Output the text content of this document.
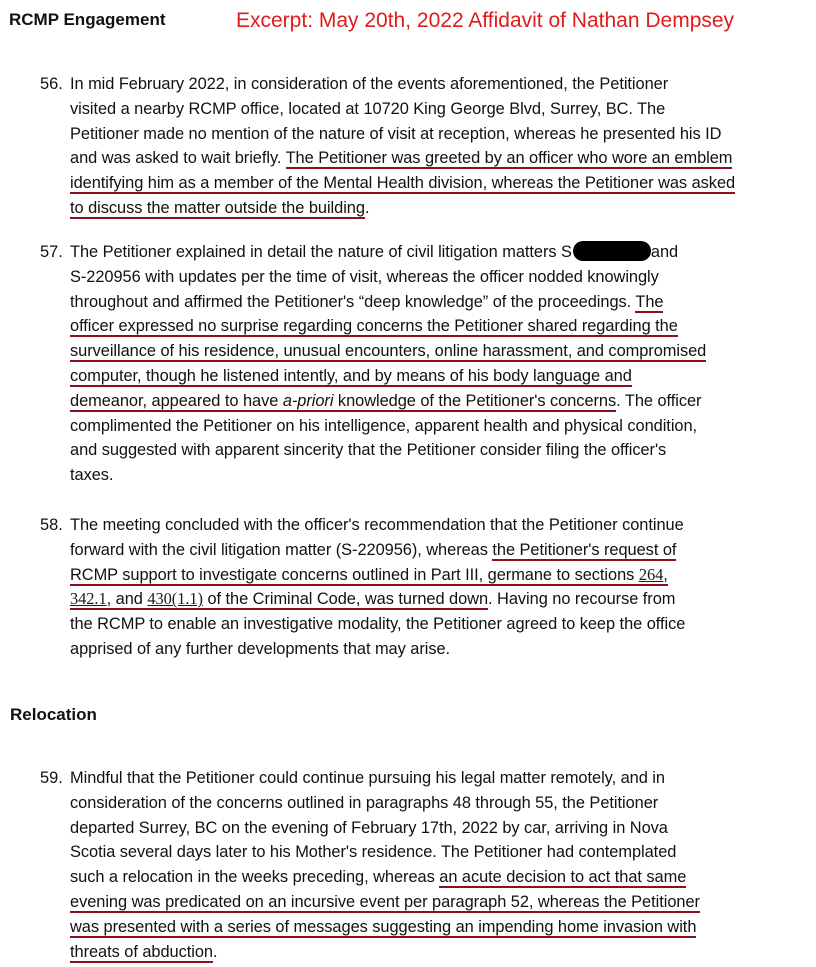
RCMP Engagement	Excerpt: May 20th, 2022 Affidavit of Nathan Dempsey
56. In mid February 2022, in consideration of the events aforementioned, the Petitioner
visited a nearby RCMP office, located at 10720 King George Blvd, Surrey, BC. The
Petitioner made no mention of the nature of visit at reception, whereas he presented his ID
and was asked to wait briefly. The Petitioner was greeted by an officer who wore an emblem
identifying him as a member of the Mental Health division, whereas the Petitioner was asked
to discuss the matter outside the building.
57. The Petitioner explained in detail the nature of civil litigation matters S	and
S-220956 with updates per the time of visit, whereas the officer nodded knowingly
throughout and affirmed the Petitioner's “deep knowledge” of the proceedings. The
officer expressed no surprise regarding concerns the Petitioner shared regarding the
surveillance of his residence, unusual encounters, online harassment, and compromised
computer, though he listened intently, and by means of his body language and
demeanor, appeared to have a-priori knowledge of the Petitioner's concerns. The officer
complimented the Petitioner on his intelligence, apparent health and physical condition,
and suggested with apparent sincerity that the Petitioner consider filing the officer's
taxes.
58. The meeting concluded with the officer's recommendation that the Petitioner continue
forward with the civil litigation matter (S-220956), whereas the Petitioner's request of
RCMP support to investigate concerns outlined in Part III, germane to sections 264,
342.1, and 430(1.1) of the Criminal Code, was turned down. Having no recourse from
the RCMP to enable an investigative modality, the Petitioner agreed to keep the office
apprised of any further developments that may arise.
Relocation
59. Mindful that the Petitioner could continue pursuing his legal matter remotely, and in
consideration of the concerns outlined in paragraphs 48 through 55, the Petitioner
departed Surrey, BC on the evening of February 17th, 2022 by car, arriving in Nova
Scotia several days later to his Mother's residence. The Petitioner had contemplated
such a relocation in the weeks preceding, whereas an acute decision to act that same
evening was predicated on an incursive event per paragraph 52, whereas the Petitioner
was presented with a series of messages suggesting an impending home invasion with
threats of abduction.
